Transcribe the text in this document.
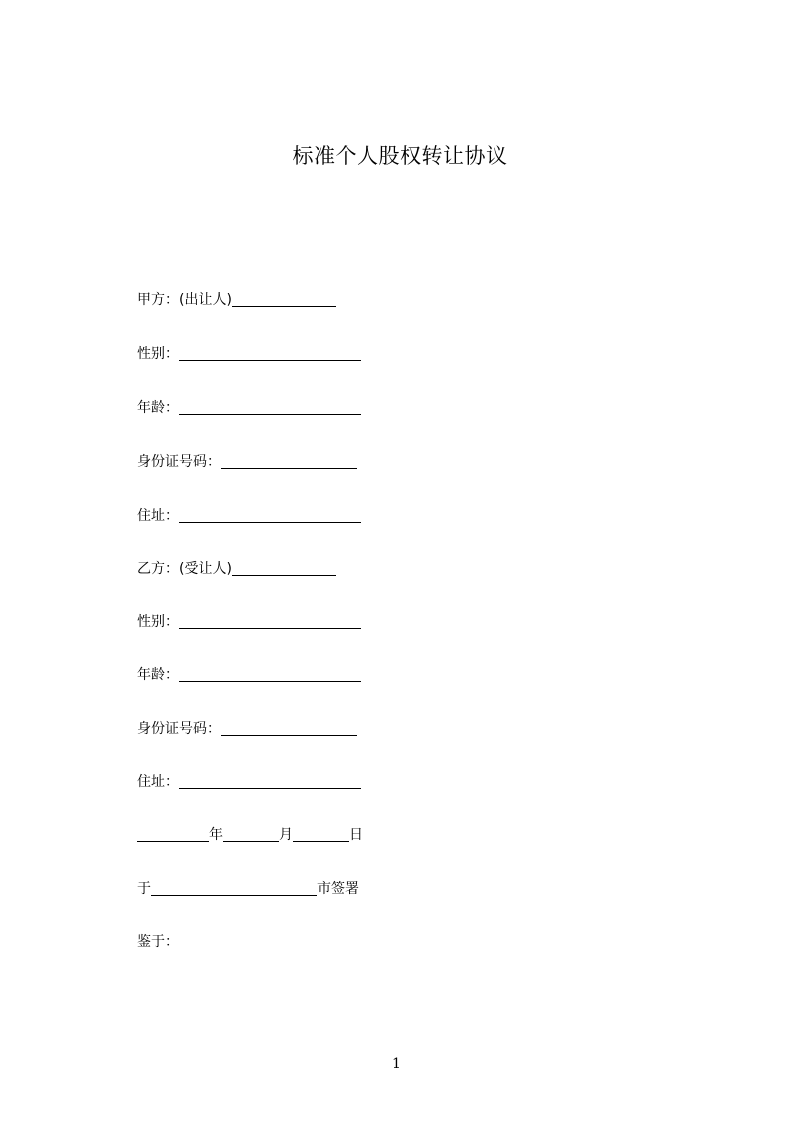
标准个人股权转让协议
甲方：(出让人)
性别：
年龄：
身份证号码：
住址：
乙方：(受让人)
性别：
年龄：
身份证号码：
住址：
年	月	日
于	市签署
鉴于：
1
